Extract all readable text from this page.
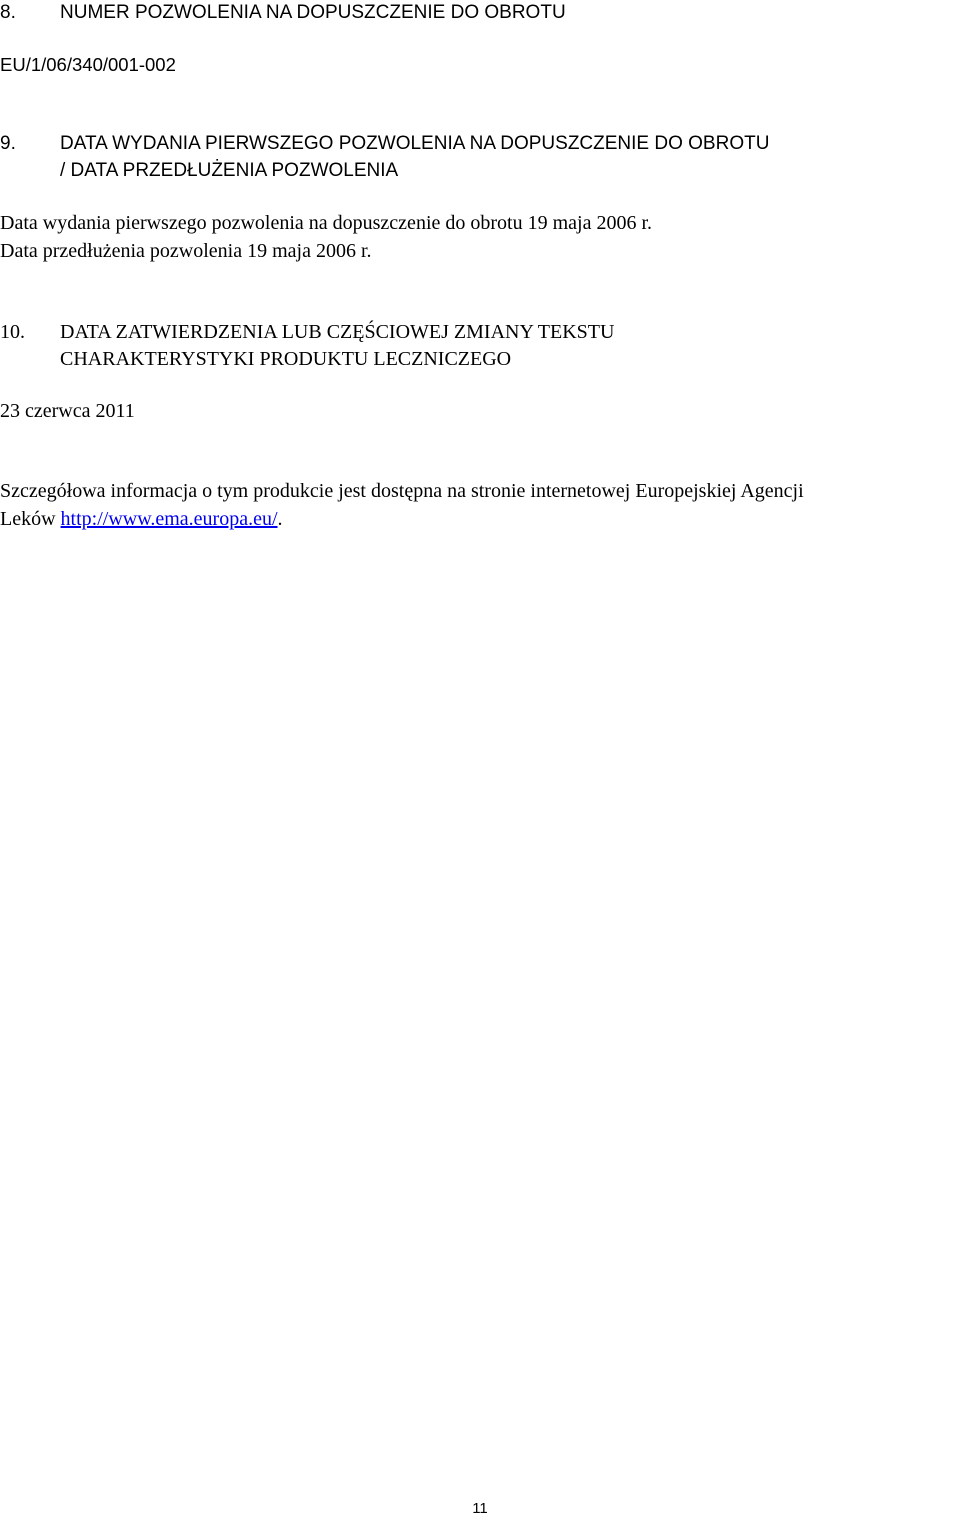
8. NUMER POZWOLENIA NA DOPUSZCZENIE DO OBROTU
EU/1/06/340/001-002
9. DATA WYDANIA PIERWSZEGO POZWOLENIA NA DOPUSZCZENIE DO OBROTU
/ DATA PRZEDŁUŻENIA POZWOLENIA
Data wydania pierwszego pozwolenia na dopuszczenie do obrotu 19 maja 2006 r.
Data przedłużenia pozwolenia 19 maja 2006 r.
10. DATA ZATWIERDZENIA LUB CZĘŚCIOWEJ ZMIANY TEKSTU
CHARAKTERYSTYKI PRODUKTU LECZNICZEGO
23 czerwca 2011
Szczegółowa informacja o tym produkcie jest dostępna na stronie internetowej Europejskiej Agencji
Leków http://www.ema.europa.eu/.
11
